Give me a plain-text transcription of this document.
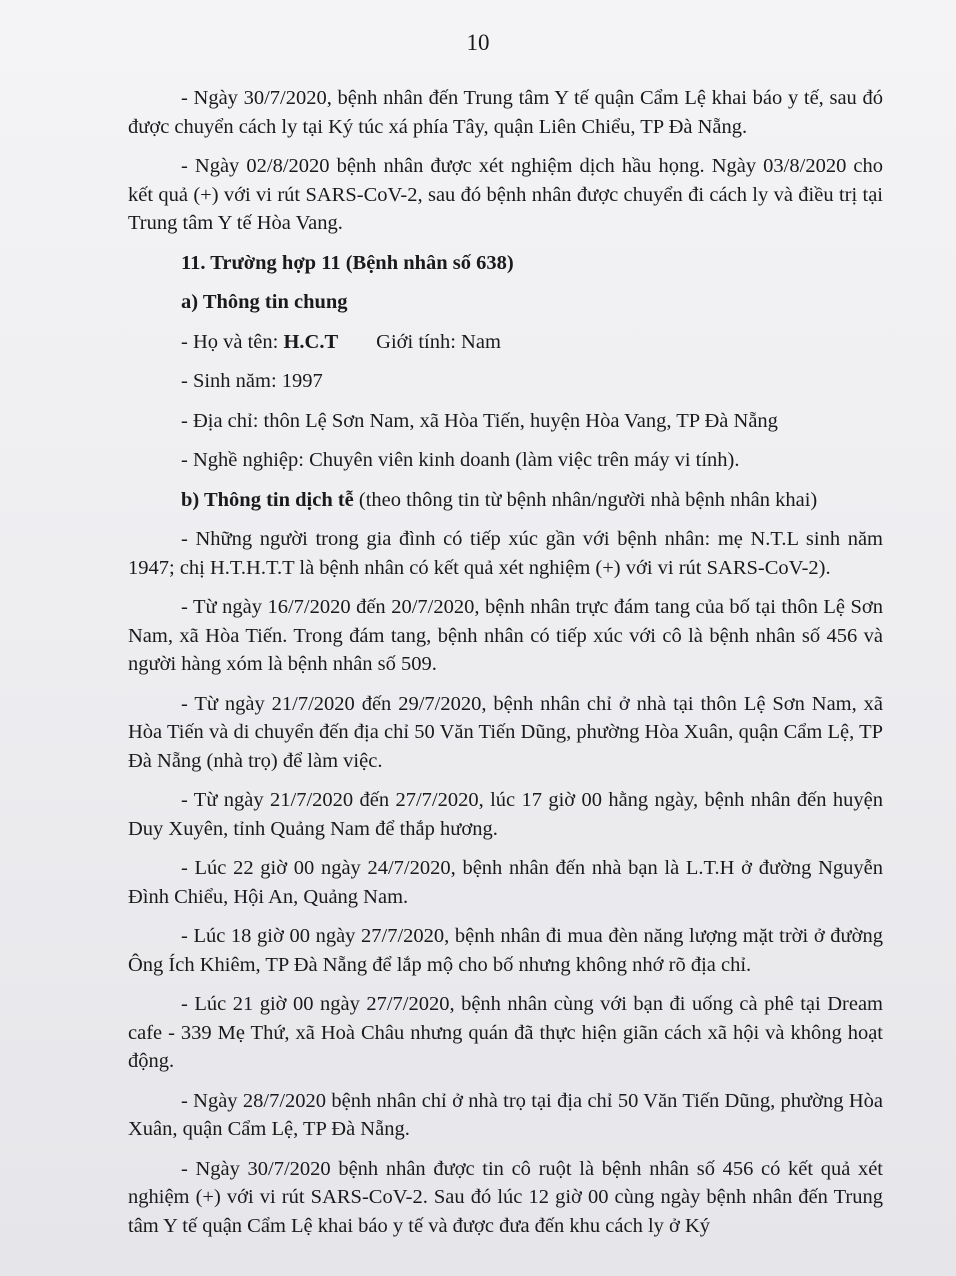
10

- Ngày 30/7/2020, bệnh nhân đến Trung tâm Y tế quận Cẩm Lệ khai báo y tế, sau đó được chuyển cách ly tại Ký túc xá phía Tây, quận Liên Chiểu, TP Đà Nẵng.

- Ngày 02/8/2020 bệnh nhân được xét nghiệm dịch hầu họng. Ngày 03/8/2020 cho kết quả (+) với vi rút SARS-CoV-2, sau đó bệnh nhân được chuyển đi cách ly và điều trị tại Trung tâm Y tế Hòa Vang.

11. Trường hợp 11 (Bệnh nhân số 638)

a) Thông tin chung

- Họ và tên: H.C.T Giới tính: Nam

- Sinh năm: 1997

- Địa chỉ: thôn Lệ Sơn Nam, xã Hòa Tiến, huyện Hòa Vang, TP Đà Nẵng

- Nghề nghiệp: Chuyên viên kinh doanh (làm việc trên máy vi tính).

b) Thông tin dịch tễ (theo thông tin từ bệnh nhân/người nhà bệnh nhân khai)

- Những người trong gia đình có tiếp xúc gần với bệnh nhân: mẹ N.T.L sinh năm 1947; chị H.T.H.T.T là bệnh nhân có kết quả xét nghiệm (+) với vi rút SARS-CoV-2).

- Từ ngày 16/7/2020 đến 20/7/2020, bệnh nhân trực đám tang của bố tại thôn Lệ Sơn Nam, xã Hòa Tiến. Trong đám tang, bệnh nhân có tiếp xúc với cô là bệnh nhân số 456 và người hàng xóm là bệnh nhân số 509.

- Từ ngày 21/7/2020 đến 29/7/2020, bệnh nhân chỉ ở nhà tại thôn Lệ Sơn Nam, xã Hòa Tiến và di chuyển đến địa chỉ 50 Văn Tiến Dũng, phường Hòa Xuân, quận Cẩm Lệ, TP Đà Nẵng (nhà trọ) để làm việc.

- Từ ngày 21/7/2020 đến 27/7/2020, lúc 17 giờ 00 hằng ngày, bệnh nhân đến huyện Duy Xuyên, tỉnh Quảng Nam để thắp hương.

- Lúc 22 giờ 00 ngày 24/7/2020, bệnh nhân đến nhà bạn là L.T.H ở đường Nguyễn Đình Chiểu, Hội An, Quảng Nam.

- Lúc 18 giờ 00 ngày 27/7/2020, bệnh nhân đi mua đèn năng lượng mặt trời ở đường Ông Ích Khiêm, TP Đà Nẵng để lắp mộ cho bố nhưng không nhớ rõ địa chỉ.

- Lúc 21 giờ 00 ngày 27/7/2020, bệnh nhân cùng với bạn đi uống cà phê tại Dream cafe - 339 Mẹ Thứ, xã Hoà Châu nhưng quán đã thực hiện giãn cách xã hội và không hoạt động.

- Ngày 28/7/2020 bệnh nhân chỉ ở nhà trọ tại địa chỉ 50 Văn Tiến Dũng, phường Hòa Xuân, quận Cẩm Lệ, TP Đà Nẵng.

- Ngày 30/7/2020 bệnh nhân được tin cô ruột là bệnh nhân số 456 có kết quả xét nghiệm (+) với vi rút SARS-CoV-2. Sau đó lúc 12 giờ 00 cùng ngày bệnh nhân đến Trung tâm Y tế quận Cẩm Lệ khai báo y tế và được đưa đến khu cách ly ở Ký
